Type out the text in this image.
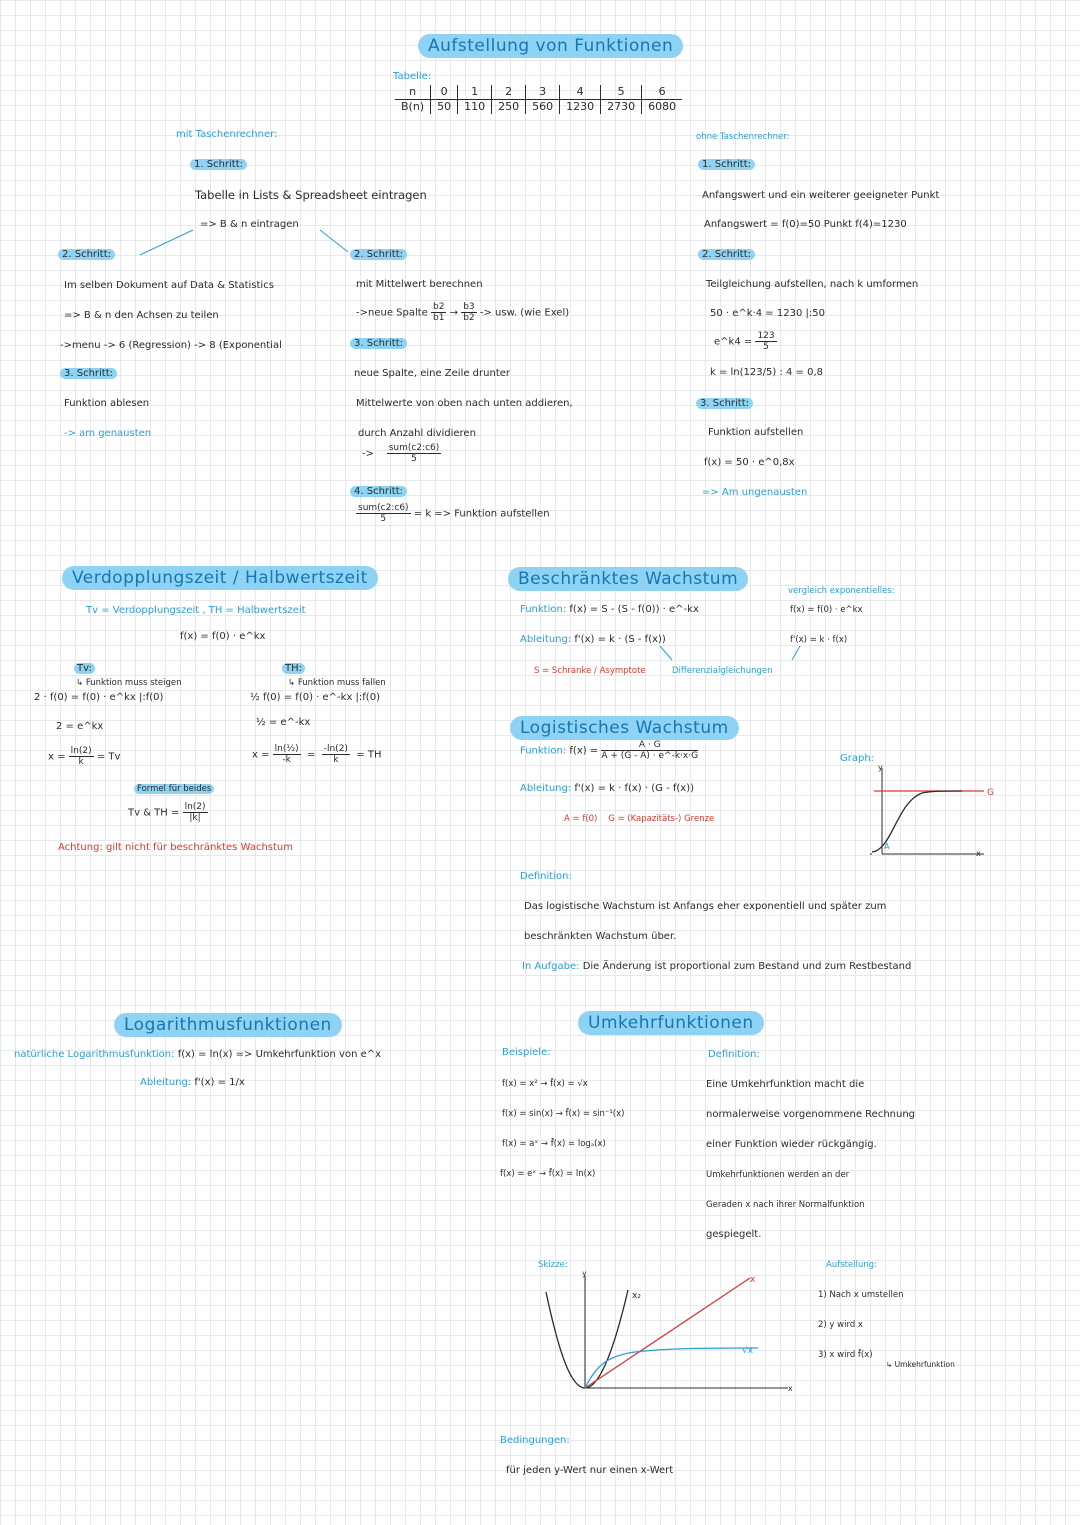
Aufstellung von Funktionen
Tabelle:
n	0	1	2	3	4	5	6
B(n)	50	110	250	560	1230	2730	6080
mit Taschenrechner:
1. Schritt:
Tabelle in Lists & Spreadsheet eintragen
=> B & n eintragen
2. Schritt:
Im selben Dokument auf Data & Statistics
=> B & n den Achsen zu teilen
->menu -> 6 (Regression) -> 8 (Exponential
3. Schritt:
Funktion ablesen
-> am genausten
2. Schritt:
mit Mittelwert berechnen
->neue Spalte $\frac{b2}{b1} \to \frac{b3}{b2}$ -> usw. (wie Exel)
3. Schritt:
neue Spalte, eine Zeile drunter
Mittelwerte von oben nach unten addieren,
durch Anzahl dividieren
-> $\frac{\text{sum(c2:c6)}}{5}$
4. Schritt:
$\frac{\text{sum(c2:c6)}}{5} = k$ => Funktion aufstellen
ohne Taschenrechner:
1. Schritt:
Anfangswert und ein weiterer geeigneter Punkt
Anfangswert = f(0)=50 Punkt f(4)=1230
2. Schritt:
Teilgleichung aufstellen, nach k umformen
50 · e^k·4 = 1230 |:50
e^k4 = $\frac{123}{5}$
k = ln(123/5) : 4 = 0,8
3. Schritt:
Funktion aufstellen
f(x) = 50 · e^0,8x
=> Am ungenausten
Verdopplungszeit / Halbwertszeit
Tv = Verdopplungszeit , TH = Halbwertszeit
f(x) = f(0) · e^kx
Tv:
↳ Funktion muss steigen
2 · f(0) = f(0) · e^kx |:f(0)
2 = e^kx
$x = \frac{\ln(2)}{k} = Tv$
TH:
↳ Funktion muss fallen
½ f(0) = f(0) · e^-kx |:f(0)
½ = e^-kx
$x = \frac{\text{ln(½)}}{-k} = \frac{-\ln(2)}{k}$ = TH
Formel für beides
Tv & TH = $\frac{\ln(2)}{|k|}$
Achtung: gilt nicht für beschränktes Wachstum
Beschränktes Wachstum
Funktion: f(x) = S - (S - f(0)) · e^-kx
Ableitung: f'(x) = k · (S - f(x))
S = Schranke / Asymptote	Differenzialgleichungen
vergleich exponentielles:
f(x) = f(0) · e^kx
f'(x) = k · f(x)
Logistisches Wachstum
Funktion: $f(x) = \frac{A \cdot G}{A + (G - A) \cdot e\^{}-k\cdot x\cdot G}$
Ableitung: f'(x) = k · f(x) · (G - f(x))
A = f(0) G = (Kapazitäts-) Grenze
Graph:
G
A
x
y
Definition:
Das logistische Wachstum ist Anfangs eher exponentiell und später zum
beschränkten Wachstum über.
In Aufgabe: Die Änderung ist proportional zum Bestand und zum Restbestand
Logarithmusfunktionen
natürliche Logarithmusfunktion: f(x) = ln(x) => Umkehrfunktion von e^x
Ableitung: f'(x) = 1/x
Umkehrfunktionen
Beispiele:
f(x) = x² → f̄(x) = √x
f(x) = sin(x) → f̄(x) = sin⁻¹(x)
f(x) = aˣ → f̄(x) = logₐ(x)
f(x) = eˣ → f̄(x) = ln(x)
Definition:
Eine Umkehrfunktion macht die
normalerweise vorgenommene Rechnung
einer Funktion wieder rückgängig.
Umkehrfunktionen werden an der
Geraden x nach ihrer Normalfunktion
gespiegelt.
Skizze:
x₂
x
√x
y
x
Aufstellung:
1) Nach x umstellen
2) y wird x
3) x wird f̄(x)
↳ Umkehrfunktion
Bedingungen:
für jeden y-Wert nur einen x-Wert
